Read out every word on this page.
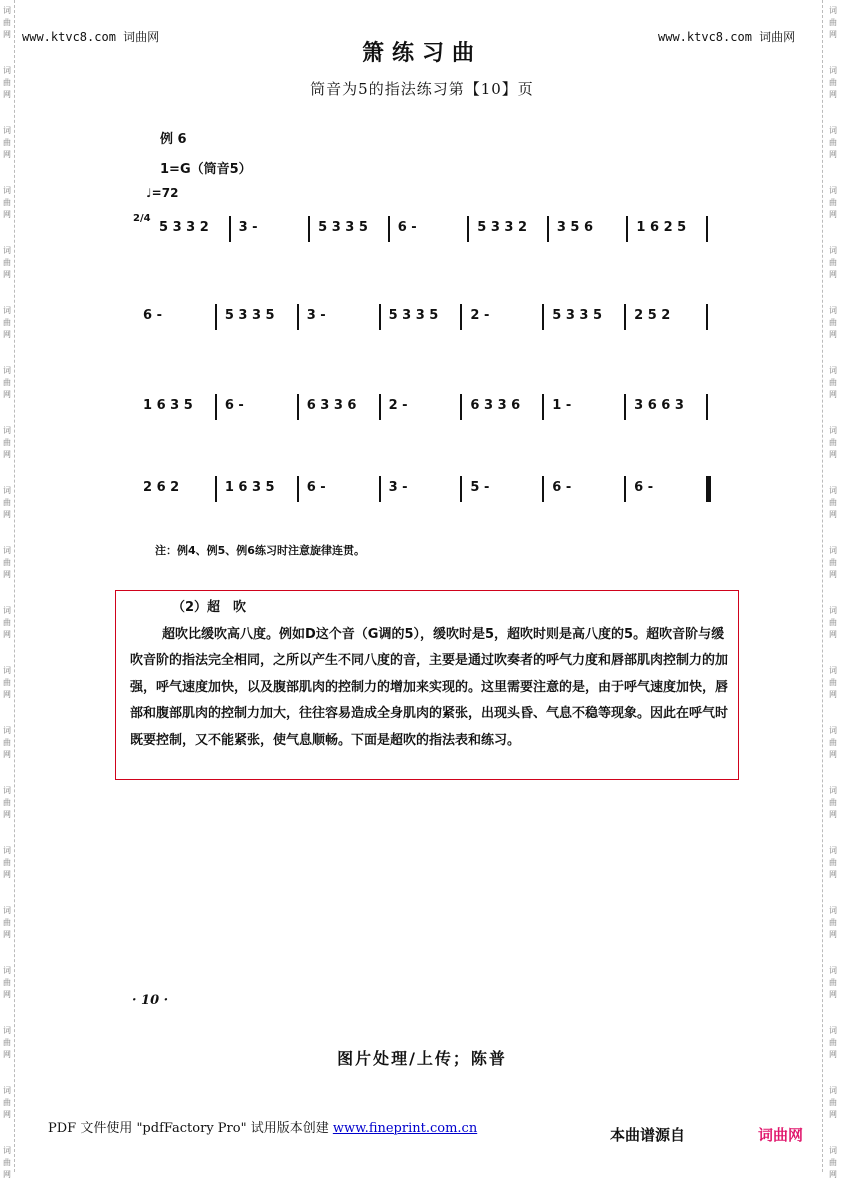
词
曲
网
词
曲
网
词
曲
网
词
曲
网
词
曲
网
词
曲
网
词
曲
网
词
曲
网
词
曲
网
词
曲
网
词
曲
网
词
曲
网
词
曲
网
词
曲
网
词
曲
网
词
曲
网
词
曲
网
词
曲
网
词
曲
网
词
曲
网
词
曲
网
词
曲
网
词
曲
网
词
曲
网
词
曲
网
词
曲
网
词
曲
网
词
曲
网
词
曲
网
词
曲
网
词
曲
网
词
曲
网
词
曲
网
词
曲
网
词
曲
网
词
曲
网
词
曲
网
词
曲
网
词
曲
网
词
曲
网
www.ktvc8.com 词曲网	www.ktvc8.com 词曲网
箫练习曲
筒音为5的指法练习第【10】页
例 6
1=G（筒音5）
♩=72
2/4
5 3 3 2 3 -	5 3 3 5 6 -	5 3 3 2 3 5 6	1 6 2 5
6 -	5 3 3 5 3 -	5 3 3 5 2 -	5 3 3 5 2 5 2
1 6 3 5 6 -	6 3 3 6 2 -	6 3 3 6 1 -	3 6 6 3
2 6 2	1 6 3 5 6 -	3 -	5 -	6 -	6 -
注：例4、例5、例6练习时注意旋律连贯。
（2）超　吹
超吹比缓吹高八度。例如D这个音（G调的5），缓吹时是5，超吹时则是高八度的5。超吹音阶与缓吹音阶的指法完全相同，之所以产生不同八度的音，主要是通过吹奏者的呼气力度和唇部肌肉控制力的加强，呼气速度加快，以及腹部肌肉的控制力的增加来实现的。这里需要注意的是，由于呼气速度加快，唇部和腹部肌肉的控制力加大，往往容易造成全身肌肉的紧张，出现头昏、气息不稳等现象。因此在呼气时既要控制，又不能紧张，使气息顺畅。下面是超吹的指法表和练习。
· 10 ·
图片处理/上传；陈普
PDF 文件使用 "pdfFactory Pro" 试用版本创建 www.fineprint.com.cn	本曲谱源自	词曲网
